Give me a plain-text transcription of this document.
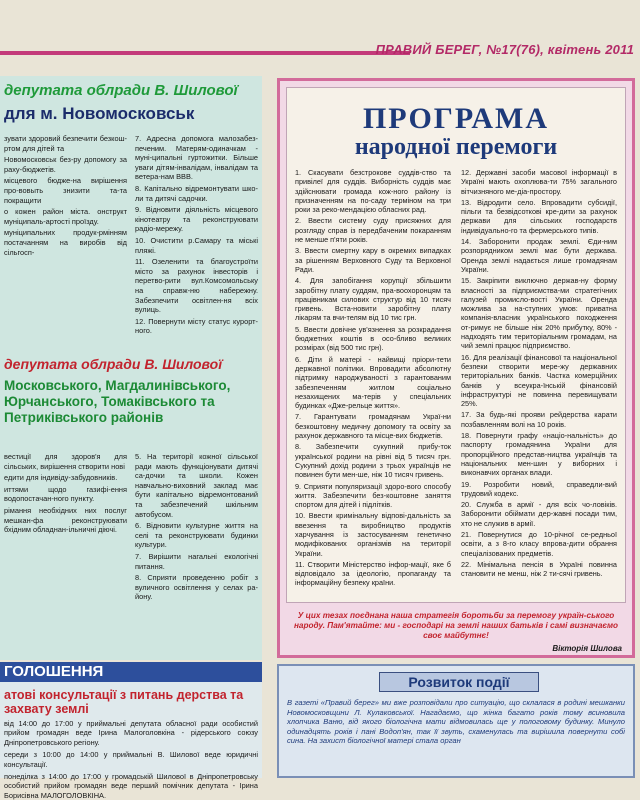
ПРАВИЙ БЕРЕГ, №17(76), квітень 2011
депутата облради В. Шилової
для м. Новомосковськ

зувати здоровий безпечити безкош-ртом для дітей та

Новомосковськ без-ру допомогу за раху-бюджетів.

місцевого бюдже-на вирішення про-вовыть знизити та-та покращити

о кожен район міста. онструкт муніципаль-артості проїзду.

муніципальних продук-рмінням постачанням на виробів від сільгосп-

7. Адресна допомога малозабез-печеним. Матерям-одиначкам - муні-ципальні гуртожитки. Більше уваги дітям-інвалідам, інвалідам та ветера-нам ВВВ.

8. Капітально відремонтувати шко-ли та дитячі садочки.

9. Відновити діяльність місцевого кінотеатру та реконструювати радіо-мережу.

10. Очистити р.Самару та міські пляжі.

11. Озеленити та благоустроїти місто за рахунок інвесторів і перетво-рити вул.Комсомольську на справж-ню набережну. Забезпечити освітлен-ня всіх вулиць.

12. Повернути місту статус курорт-ного.

депутата облради В. Шилової
Московського, Магдалинівського, Юрчанського, Томаківського та Петриківського районів

вестиції для здоров'я для сільських, вирішення створити нові

едити для індивіду-забудовників.

иттями щодо газифі-ення водопостачан-ного пункту.

рімання необхідних них послуг мешкан-фа реконструювати бхідним обладнан-ільничні діючі.

5. На території кожної сільської ради мають функціонувати дитячі са-дочки та школи. Кожен навчально-виховний заклад має бути капітально відремонтований та забезпечений шкільним автобусом.

6. Відновити культурне життя на селі та реконструювати будинки культури.

7. Вирішити нагальні екологічні питання.

8. Сприяти проведенню робіт з вуличного освітлення у селах ра-йону.

ГОЛОШЕННЯ
атові консультації з питань дерства та захвату землі
від 14:00 до 17:00 у приймальні депутата обласної ради особистий прийом громадян веде Ірина Малоголовкіна - рідерського союзу Дніпропетровського регіону.
середи з 10:00 до 14:00 у приймальні В. Шилової веде юридичні консультації.
понеділка з 14:00 до 17:00 у громадській Шилової в Дніпропетровську особистий прийом громадян веде перший помічник депутата - Ірина Борисівна МАЛОГОЛОВКІНА.
ПРОГРАМА
народної перемоги

1. Скасувати безстрокове суддів-ство та привілеї для суддів. Виборність суддів має здійснювати громада кож-ного району із призначенням на по-саду терміном на три роки за реко-мендацією обласних рад.

2. Ввести систему суду присяжних для розгляду справ із передбаченим покаранням не менше п'яти років.

3. Ввести смертну кару в окремих випадках за рішенням Верховного Суду та Верховної Ради.

4. Для запобігання корупції збільшити заробітну плату суддям, пра-воохоронцям та працівникам силових структур від 10 тисяч гривень. Вста-новити заробітну плату лікарям та вчи-телям від 10 тис грн.

5. Ввести довічне ув'язнення за розкрадання бюджетних коштів в осо-бливо великих розмірах (від 500 тис грн).

6. Діти й матері - найвищі пріори-тети державної політики. Впровадити абсолютну підтримку народжуваності з гарантованим забезпеченням житлом соціально незахищених ма-терів у спеціальних будинках «Дже-рельце життя».

7. Гарантувати громадянам Украї-ни безкоштовну медичну допомогу та освіту за рахунок державного та місце-вих бюджетів.

8. Забезпечити сукупний прибу-ток української родини на рівні від 5 тисяч грн. Сукупний дохід родини з трьох українців не повинен бути мен-ше, ніж 10 тисяч гривень.

9. Сприяти популяризації здоро-вого способу життя. Забезпечити без-коштовне заняття спортом для дітей і підлітків.

10. Ввести кримінальну відпові-дальність за ввезення та виробництво продуктів харчування із застосуванням генетично модифікованих організмів на території України.

11. Створити Міністерство інфор-мації, яке б відповідало за ідеологію, пропаганду та інформаційну безпеку країни.

12. Державні засоби масової інформації в Україні мають охоплюва-ти 75% загального вітчизняного ме-діа-простору.

13. Відродити село. Впровадити субсидії, пільги та безвідсоткові кре-дити за рахунок держави для сільських господарств індивідуально-го та фермерського типів.

14. Заборонити продаж землі. Єди-ним розпорядником землі має бути держава. Оренда землі надається лише громадянам України.

15. Закріпити виключно держав-ну форму власності за підприємства-ми стратегічних галузей промисло-вості України. Оренда можлива за на-ступних умов: приватна компанія-власник українського походження от-римує не більше ніж 20% прибутку, 80% - надходять тим територіальним громадам, на чий землі працює підприємство.

16. Для реалізації фінансової та національної безпеки створити мере-жу державних територіальних банків. Частка комерційних банків у всеукра-їнській фінансовій інфраструктурі не повинна перевищувати 25%.

17. За будь-які прояви рейдерства карати позбавленням волі на 10 років.

18. Повернути графу «націо-нальність» до паспорту громадянина України для пропорційного представ-ництва українців та національних мен-шин у виборних і виконавчих органах влади.

19. Розробити новий, справедли-вий трудовий кодекс.

20. Служба в армії - для всіх чо-ловіків. Заборонити обіймати дер-жавні посади тим, хто не служив в армії.

21. Повернутися до 10-річної се-редньої освіти, а з 8-го класу впрова-дити обрання спеціалізованих предметів.

22. Мінімальна пенсія в Україні повинна становити не менш, ніж 2 ти-сячі гривень.

У цих тезах поєднана наша стратегія боротьби за перемогу україн-ського народу. Пам'ятайте: ми - господарі на землі наших батьків і самі визначаємо своє майбутнє!
Вікторія Шилова
Розвиток події
В газеті «Правий берег» ми вже розповідали про ситуацію, що склалася в родині мешканки Новомосковщини Л. Кулаковської. Нагадаємо, що жінка багато років тому всиновила хлопчика Ваню, від якого біологічна мати відмовилась ще у пологовому будинку. Минуло одинадцять років і пані Водоп'ян, так її звуть, схаменулась та вирішила повернути собі сина. На захист біологічної матері стала орган
